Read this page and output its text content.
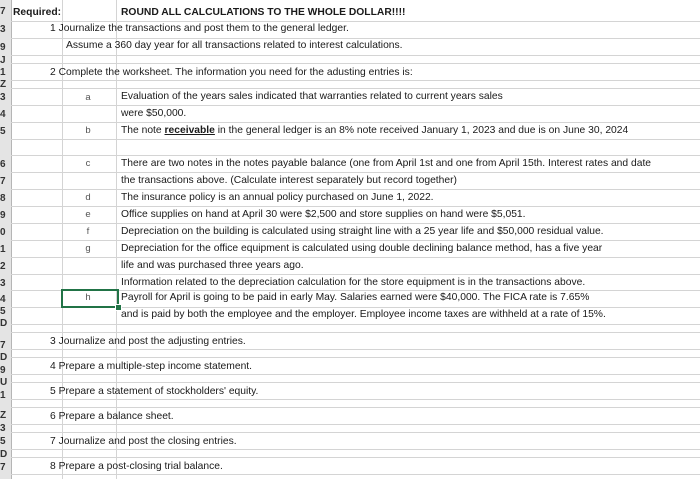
7
3
9
J
1
Z
3
4
5
6
7
8
9
0
1
2
3
4
5
D
7
D
9
U
1
Z
3
5
D
7
Required:	ROUND ALL CALCULATIONS TO THE WHOLE DOLLAR!!!!
1 Journalize the transactions and post them to the general ledger.
Assume a 360 day year for all transactions related to interest calculations.
2 Complete the worksheet. The information you need for the adusting entries is:
a	Evaluation of the years sales indicated that warranties related to current years sales
were $50,000.
b	The note receivable in the general ledger is an 8% note received January 1, 2023 and due is on June 30, 2024
c	There are two notes in the notes payable balance (one from April 1st and one from April 15th. Interest rates and date
the transactions above. (Calculate interest separately but record together)
d	The insurance policy is an annual policy purchased on June 1, 2022.
e	Office supplies on hand at April 30 were $2,500 and store supplies on hand were $5,051.
f	Depreciation on the building is calculated using straight line with a 25 year life and $50,000 residual value.
g	Depreciation for the office equipment is calculated using double declining balance method, has a five year
life and was purchased three years ago.
Information related to the depreciation calculation for the store equipment is in the transactions above.
h	Payroll for April is going to be paid in early May. Salaries earned were $40,000. The FICA rate is 7.65%
and is paid by both the employee and the employer. Employee income taxes are withheld at a rate of 15%.
3 Journalize and post the adjusting entries.
4 Prepare a multiple-step income statement.
5 Prepare a statement of stockholders' equity.
6 Prepare a balance sheet.
7 Journalize and post the closing entries.
8 Prepare a post-closing trial balance.
